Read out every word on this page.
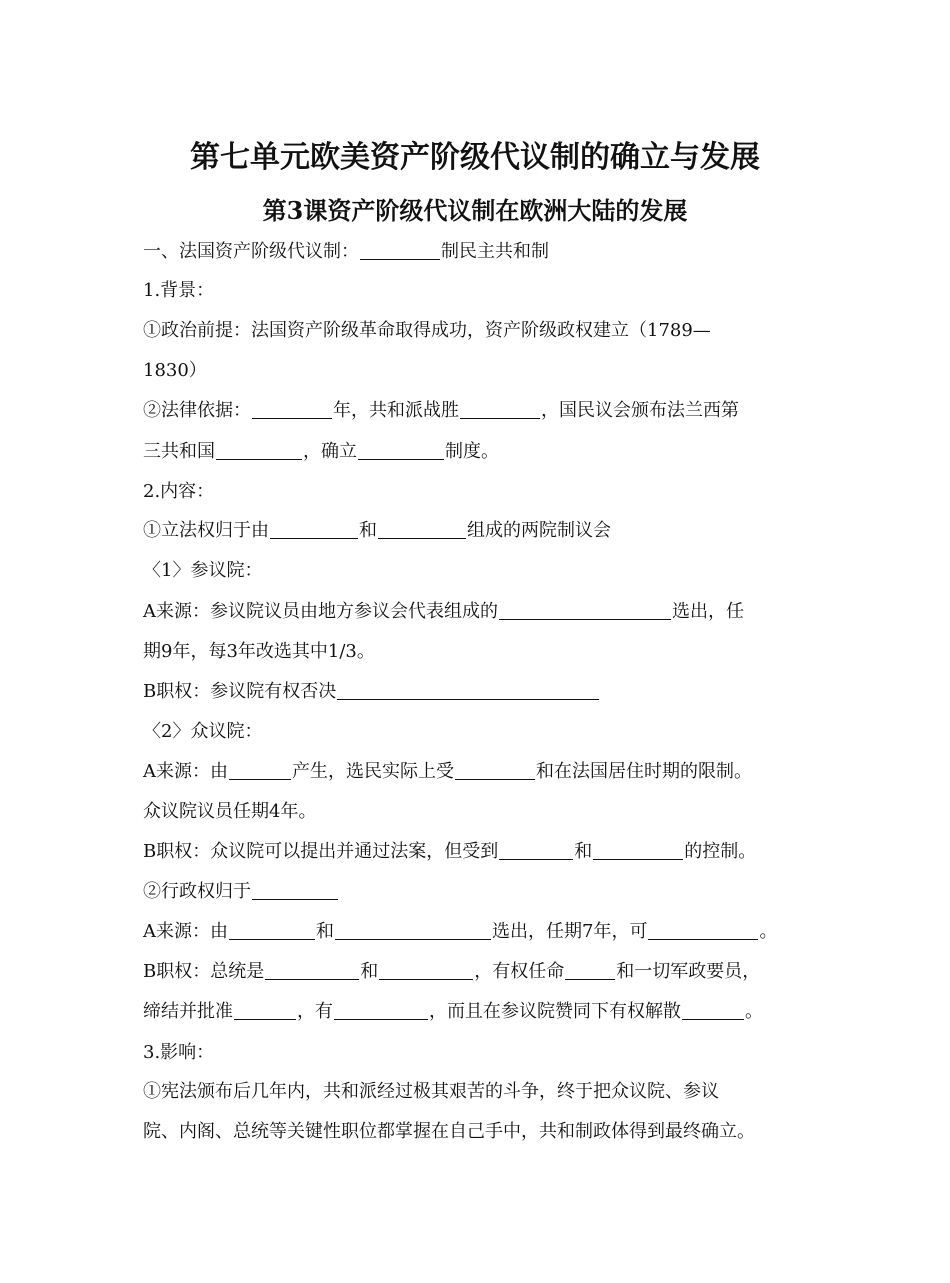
第七单元欧美资产阶级代议制的确立与发展
第3课资产阶级代议制在欧洲大陆的发展
一、法国资产阶级代议制：	制民主共和制
1.背景：
①政治前提：法国资产阶级革命取得成功，资产阶级政权建立（1789—
1830）
②法律依据：	年，共和派战胜	，国民议会颁布法兰西第
三共和国	，确立	制度。
2.内容：
①立法权归于由	和	组成的两院制议会
〈1〉参议院：
A来源：参议院议员由地方参议会代表组成的	选出，任
期9年，每3年改选其中1/3。
B职权：参议院有权否决
〈2〉众议院：
A来源：由	产生，选民实际上受	和在法国居住时期的限制。
众议院议员任期4年。
B职权：众议院可以提出并通过法案，但受到	和	的控制。
②行政权归于
A来源：由	和	选出，任期7年，可	。
B职权：总统是	和	，有权任命	和一切军政要员，
缔结并批准	，有	，而且在参议院赞同下有权解散	。
3.影响：
①宪法颁布后几年内，共和派经过极其艰苦的斗争，终于把众议院、参议
院、内阁、总统等关键性职位都掌握在自己手中，共和制政体得到最终确立。
